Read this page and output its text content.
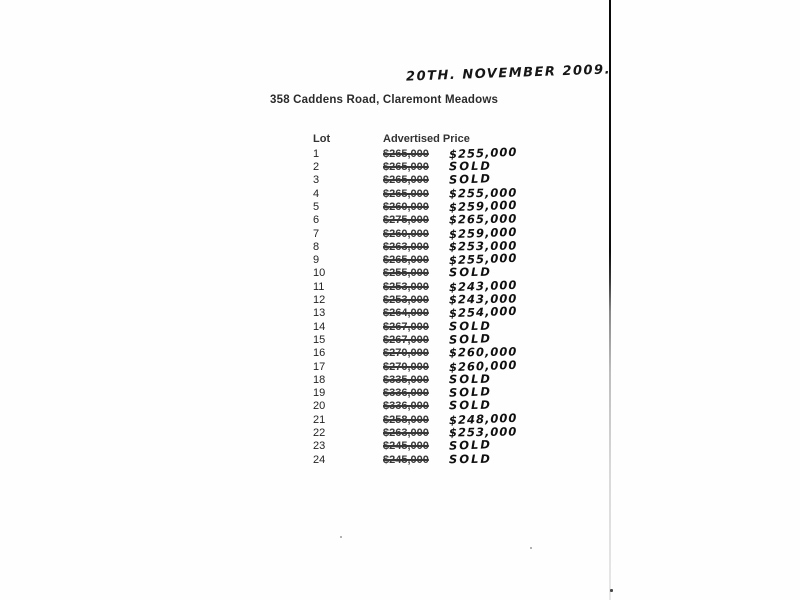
20TH. NOVEMBER 2009.
358 Caddens Road, Claremont Meadows
Lot	Advertised Price
1	$265,000	$255,000
2	$265,000	SOLD
3	$265,000	SOLD
4	$265,000	$255,000
5	$260,000	$259,000
6	$275,000	$265,000
7	$260,000	$259,000
8	$263,000	$253,000
9	$265,000	$255,000
10	$255,000	SOLD
11	$253,000	$243,000
12	$253,000	$243,000
13	$264,000	$254,000
14	$267,000	SOLD
15	$267,000	SOLD
16	$270,000	$260,000
17	$270,000	$260,000
18	$335,000	SOLD
19	$336,000	SOLD
20	$336,000	SOLD
21	$258,000	$248,000
22	$263,000	$253,000
23	$245,000	SOLD
24	$245,000	SOLD
